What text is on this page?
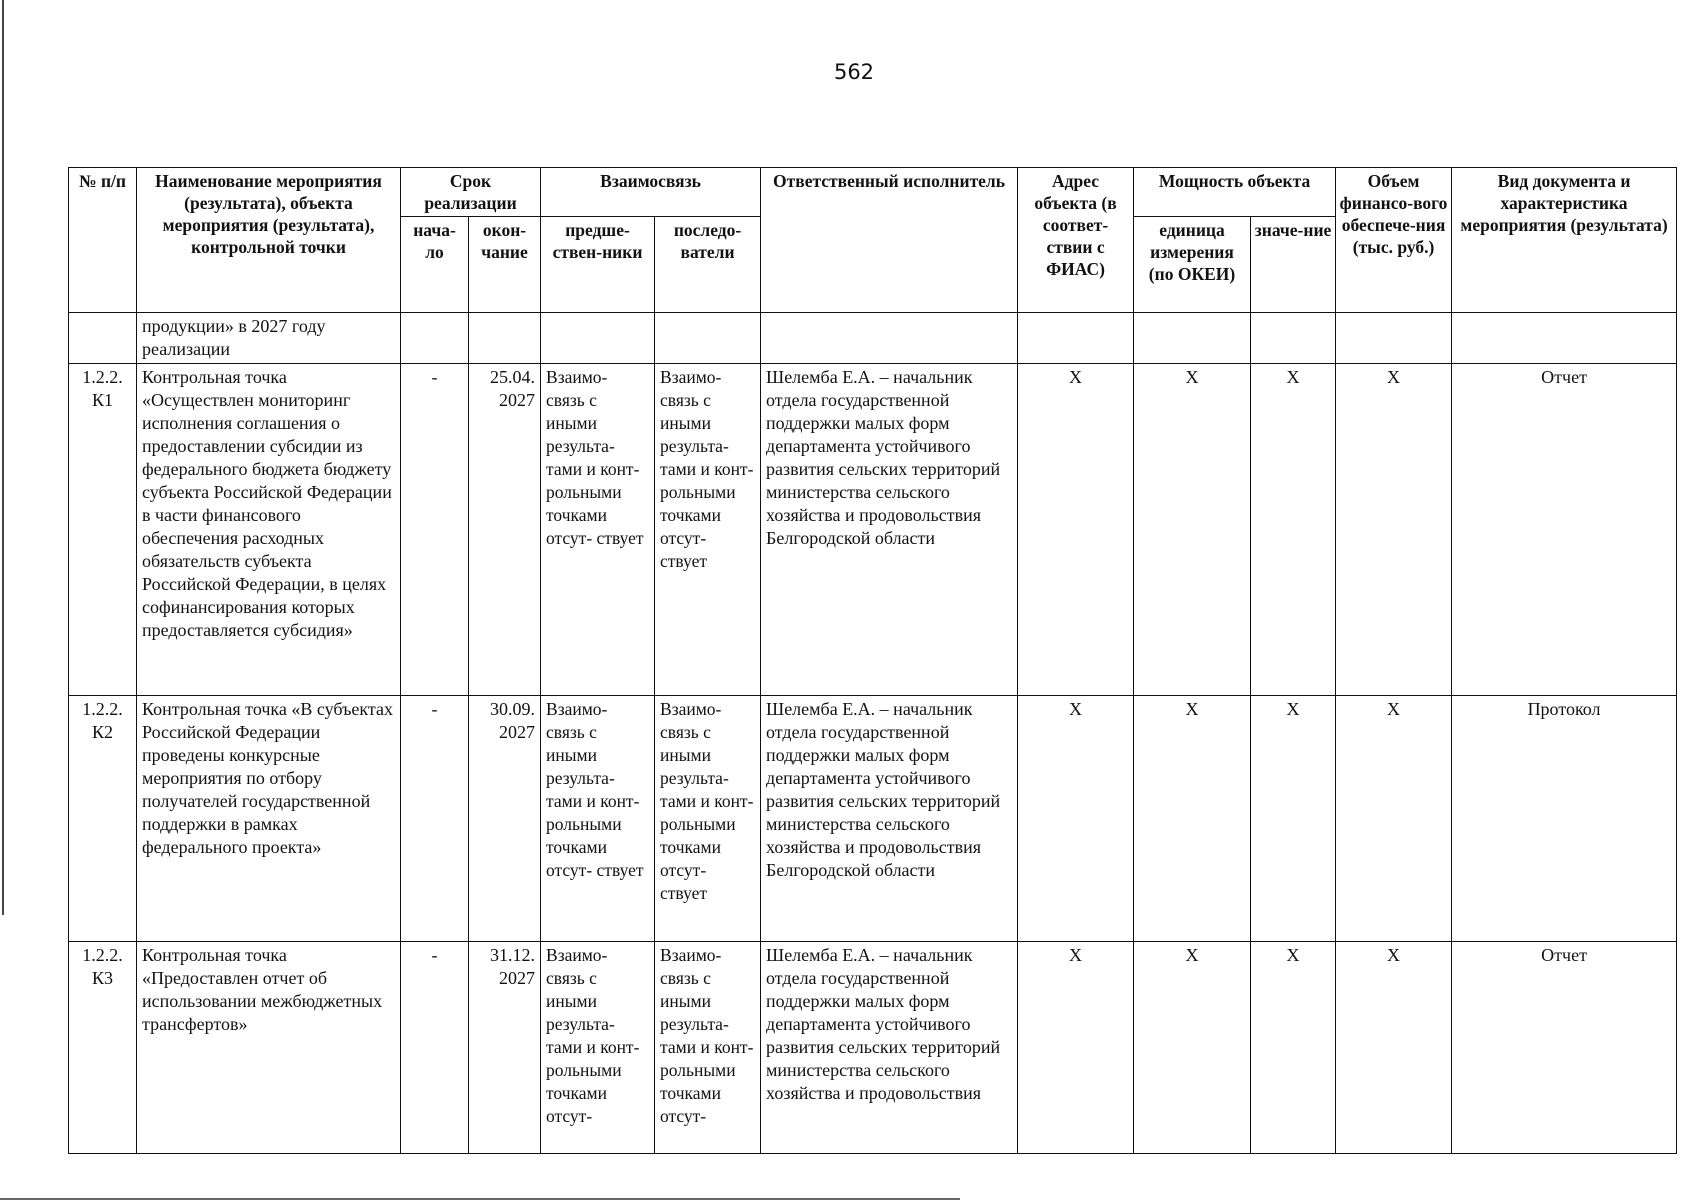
562
№ п/п	Наименование мероприятия (результата), объекта мероприятия (результата), контрольной точки	Срок реализации		Взаимосвязь		Ответственный исполнитель	Адрес объекта (в соответ-ствии с ФИАС)	Мощность объекта		Объем финансо-вого обеспече-ния (тыс. руб.)	Вид документа и характеристика мероприятия (результата)
		нача-ло	окон-чание	предше-ствен-ники	последо-ватели			единица измерения (по ОКЕИ)	значе-ние		
	продукции» в 2027 году реализации										
1.2.2. К1	Контрольная точка «Осуществлен мониторинг исполнения соглашения о предоставлении субсидии из федерального бюджета бюджету субъекта Российской Федерации в части финансового обеспечения расходных обязательств субъекта Российской Федерации, в целях софинансирования которых предоставляется субсидия»	-	25.04. 2027	Взаимо- связь с иными результа- тами и конт- рольными точками отсут- ствует	Взаимо- связь с иными результа- тами и конт- рольными точками отсут- ствует	Шелемба Е.А. – начальник отдела государственной поддержки малых форм департамента устойчивого развития сельских территорий министерства сельского хозяйства и продовольствия Белгородской области	Х	Х	Х	Х	Отчет
1.2.2. К2	Контрольная точка «В субъектах Российской Федерации проведены конкурсные мероприятия по отбору получателей государственной поддержки в рамках федерального проекта»	-	30.09. 2027	Взаимо- связь с иными результа- тами и конт- рольными точками отсут- ствует	Взаимо- связь с иными результа- тами и конт- рольными точками отсут- ствует	Шелемба Е.А. – начальник отдела государственной поддержки малых форм департамента устойчивого развития сельских территорий министерства сельского хозяйства и продовольствия Белгородской области	Х	Х	Х	Х	Протокол
1.2.2. К3	Контрольная точка «Предоставлен отчет об использовании межбюджетных трансфертов»	-	31.12. 2027	Взаимо- связь с иными результа- тами и конт- рольными точками отсут-	Взаимо- связь с иными результа- тами и конт- рольными точками отсут-	Шелемба Е.А. – начальник отдела государственной поддержки малых форм департамента устойчивого развития сельских территорий министерства сельского хозяйства и продовольствия	Х	Х	Х	Х	Отчет
